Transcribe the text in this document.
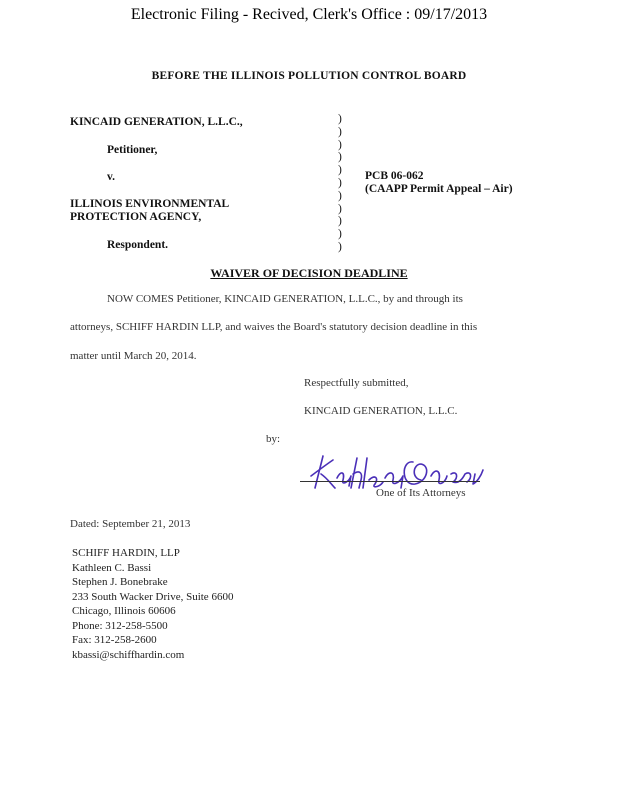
Electronic Filing - Recived, Clerk's Office : 09/17/2013
BEFORE THE ILLINOIS POLLUTION CONTROL BOARD
KINCAID GENERATION, L.L.C.,
Petitioner,
v.
ILLINOIS ENVIRONMENTAL
PROTECTION AGENCY,
Respondent.
)
)
)
)
)
)
)
)
)
)
)
PCB 06-062
(CAAPP Permit Appeal – Air)
WAIVER OF DECISION DEADLINE
NOW COMES Petitioner, KINCAID GENERATION, L.L.C., by and through its
attorneys, SCHIFF HARDIN LLP, and waives the Board's statutory decision deadline in this
matter until March 20, 2014.
Respectfully submitted,
KINCAID GENERATION, L.L.C.
by:
One of Its Attorneys
Dated: September 21, 2013
SCHIFF HARDIN, LLP
Kathleen C. Bassi
Stephen J. Bonebrake
233 South Wacker Drive, Suite 6600
Chicago, Illinois 60606
Phone: 312-258-5500
Fax: 312-258-2600
kbassi@schiffhardin.com
